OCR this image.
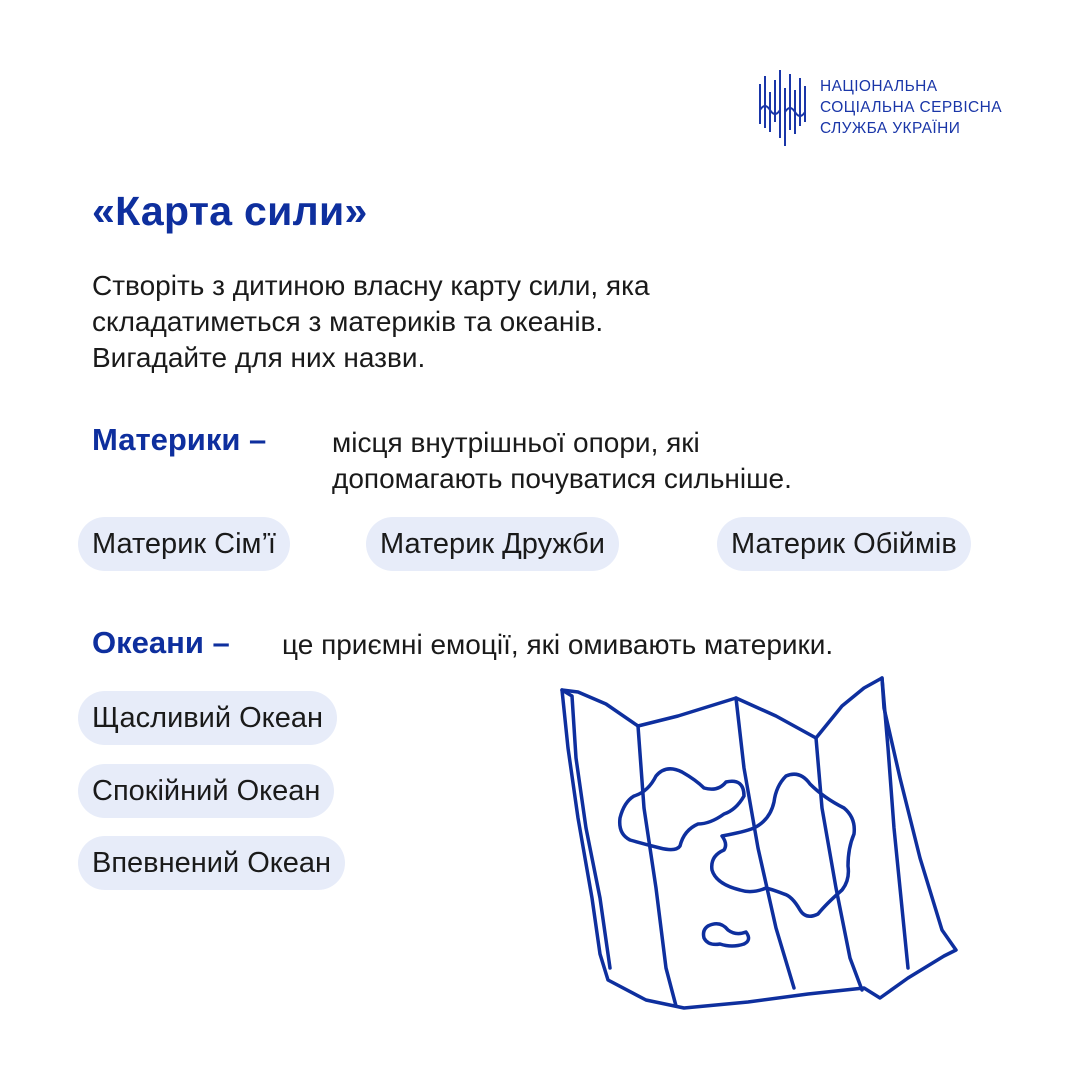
НАЦІОНАЛЬНА
СОЦІАЛЬНА СЕРВІСНА
СЛУЖБА УКРАЇНИ
«Карта сили»
Створіть з дитиною власну карту сили, яка
складатиметься з материків та океанів.
Вигадайте для них назви.
Материки – місця внутрішньої опори, які
допомагають почуватися сильніше.
Материк Сім’ї	Материк Дружби	Материк Обіймів
Океани – це приємні емоції, які омивають материки.
Щасливий Океан
Спокійний Океан
Впевнений Океан
